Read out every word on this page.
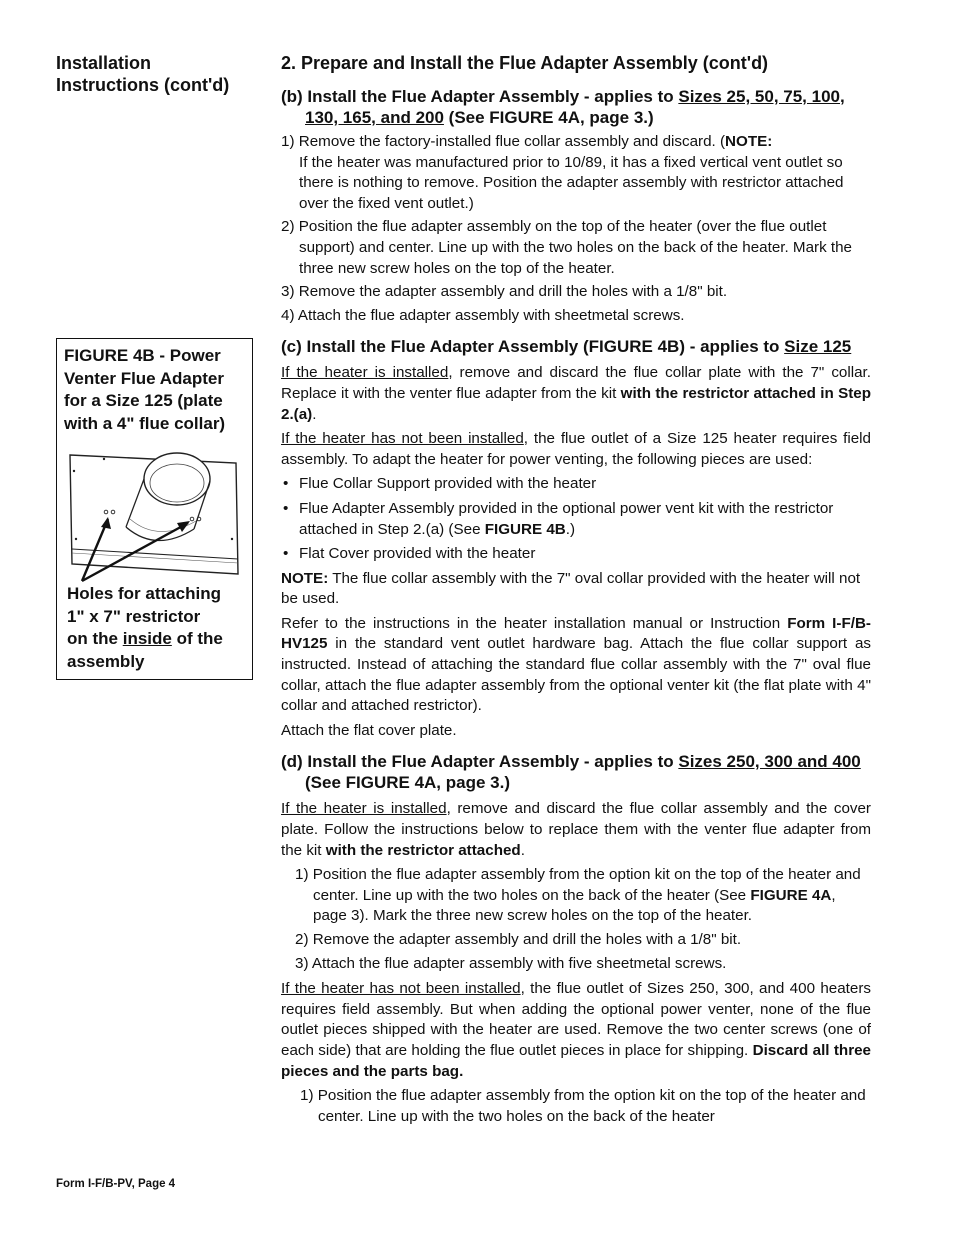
Installation
Instructions (cont'd)
FIGURE 4B - Power
Venter Flue Adapter
for a Size 125 (plate
with a 4" flue collar)
Holes for attaching
1" x 7" restrictor
on the inside of the
assembly
2. Prepare and Install the Flue Adapter Assembly (cont'd)
(b) Install the Flue Adapter Assembly - applies to Sizes 25, 50, 75, 100, 130, 165, and 200 (See FIGURE 4A, page 3.)
1) Remove the factory-installed flue collar assembly and discard. (NOTE:
If the heater was manufactured prior to 10/89, it has a fixed vertical vent outlet so there is nothing to remove. Position the adapter assembly with restrictor attached over the fixed vent outlet.)
2) Position the flue adapter assembly on the top of the heater (over the flue outlet support) and center. Line up with the two holes on the back of the heater. Mark the three new screw holes on the top of the heater.
3) Remove the adapter assembly and drill the holes with a 1/8" bit.
4) Attach the flue adapter assembly with sheetmetal screws.
(c) Install the Flue Adapter Assembly (FIGURE 4B) - applies to Size 125
If the heater is installed, remove and discard the flue collar plate with the 7" collar. Replace it with the venter flue adapter from the kit with the restrictor attached in Step 2.(a).
If the heater has not been installed, the flue outlet of a Size 125 heater requires field assembly. To adapt the heater for power venting, the following pieces are used:
• Flue Collar Support provided with the heater
• Flue Adapter Assembly provided in the optional power vent kit with the restrictor attached in Step 2.(a) (See FIGURE 4B.)
• Flat Cover provided with the heater
NOTE: The flue collar assembly with the 7" oval collar provided with the heater will not be used.
Refer to the instructions in the heater installation manual or Instruction Form I-F/B-HV125 in the standard vent outlet hardware bag. Attach the flue collar support as instructed. Instead of attaching the standard flue collar assembly with the 7" oval flue collar, attach the flue adapter assembly from the optional venter kit (the flat plate with 4" collar and attached restrictor).
Attach the flat cover plate.
(d) Install the Flue Adapter Assembly - applies to Sizes 250, 300 and 400 (See FIGURE 4A, page 3.)
If the heater is installed, remove and discard the flue collar assembly and the cover plate. Follow the instructions below to replace them with the venter flue adapter from the kit with the restrictor attached.
1) Position the flue adapter assembly from the option kit on the top of the heater and center. Line up with the two holes on the back of the heater (See FIGURE 4A, page 3). Mark the three new screw holes on the top of the heater.
2) Remove the adapter assembly and drill the holes with a 1/8" bit.
3) Attach the flue adapter assembly with five sheetmetal screws.
If the heater has not been installed, the flue outlet of Sizes 250, 300, and 400 heaters requires field assembly. But when adding the optional power venter, none of the flue outlet pieces shipped with the heater are used. Remove the two center screws (one of each side) that are holding the flue outlet pieces in place for shipping. Discard all three pieces and the parts bag.
1) Position the flue adapter assembly from the option kit on the top of the heater and center. Line up with the two holes on the back of the heater
Form I-F/B-PV, Page 4
